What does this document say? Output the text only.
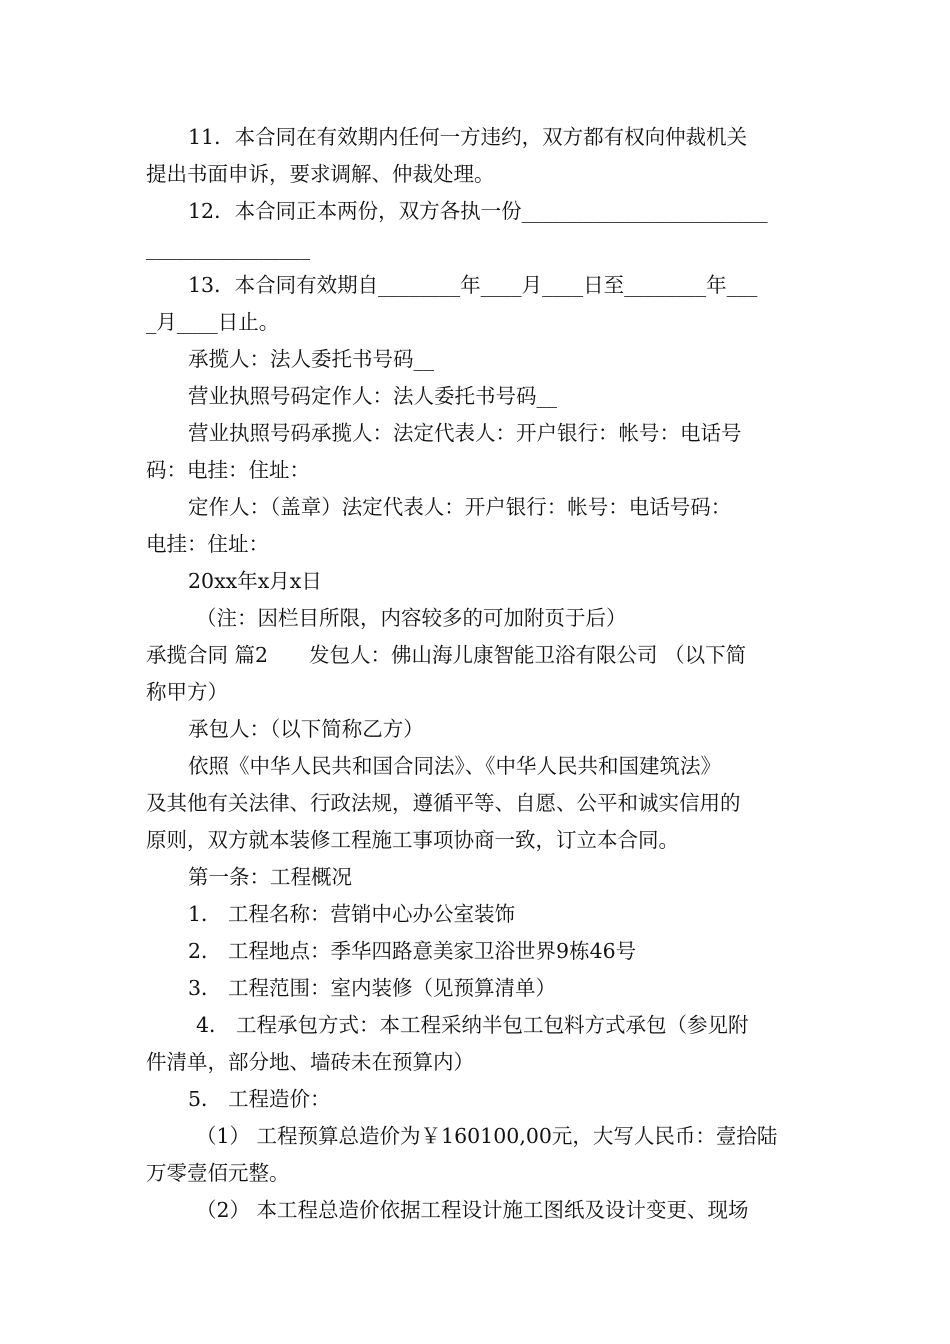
11．本合同在有效期内任何一方违约，双方都有权向仲裁机关
提出书面申诉，要求调解、仲裁处理。
12．本合同正本两份，双方各执一份________________________
________________
13．本合同有效期自________年____月____日至________年___
_月____日止。
承揽人：法人委托书号码__
营业执照号码定作人：法人委托书号码__
营业执照号码承揽人：法定代表人：开户银行：帐号：电话号
码：电挂：住址：
定作人：（盖章）法定代表人：开户银行：帐号：电话号码：
电挂：住址：
20xx年x月x日
（注：因栏目所限，内容较多的可加附页于后）
承揽合同 篇2　　发包人：佛山海儿康智能卫浴有限公司 （以下简
称甲方）
承包人：（以下简称乙方）
依照《中华人民共和国合同法》、《中华人民共和国建筑法》
及其他有关法律、行政法规，遵循平等、自愿、公平和诚实信用的
原则，双方就本装修工程施工事项协商一致，订立本合同。
第一条：工程概况
1． 工程名称：营销中心办公室装饰
2． 工程地点：季华四路意美家卫浴世界9栋46号
3． 工程范围：室内装修（见预算清单）
4． 工程承包方式：本工程采纳半包工包料方式承包（参见附
件清单，部分地、墙砖未在预算内）
5． 工程造价：
（1） 工程预算总造价为￥160100,00元，大写人民币：壹拾陆
万零壹佰元整。
（2） 本工程总造价依据工程设计施工图纸及设计变更、现场
